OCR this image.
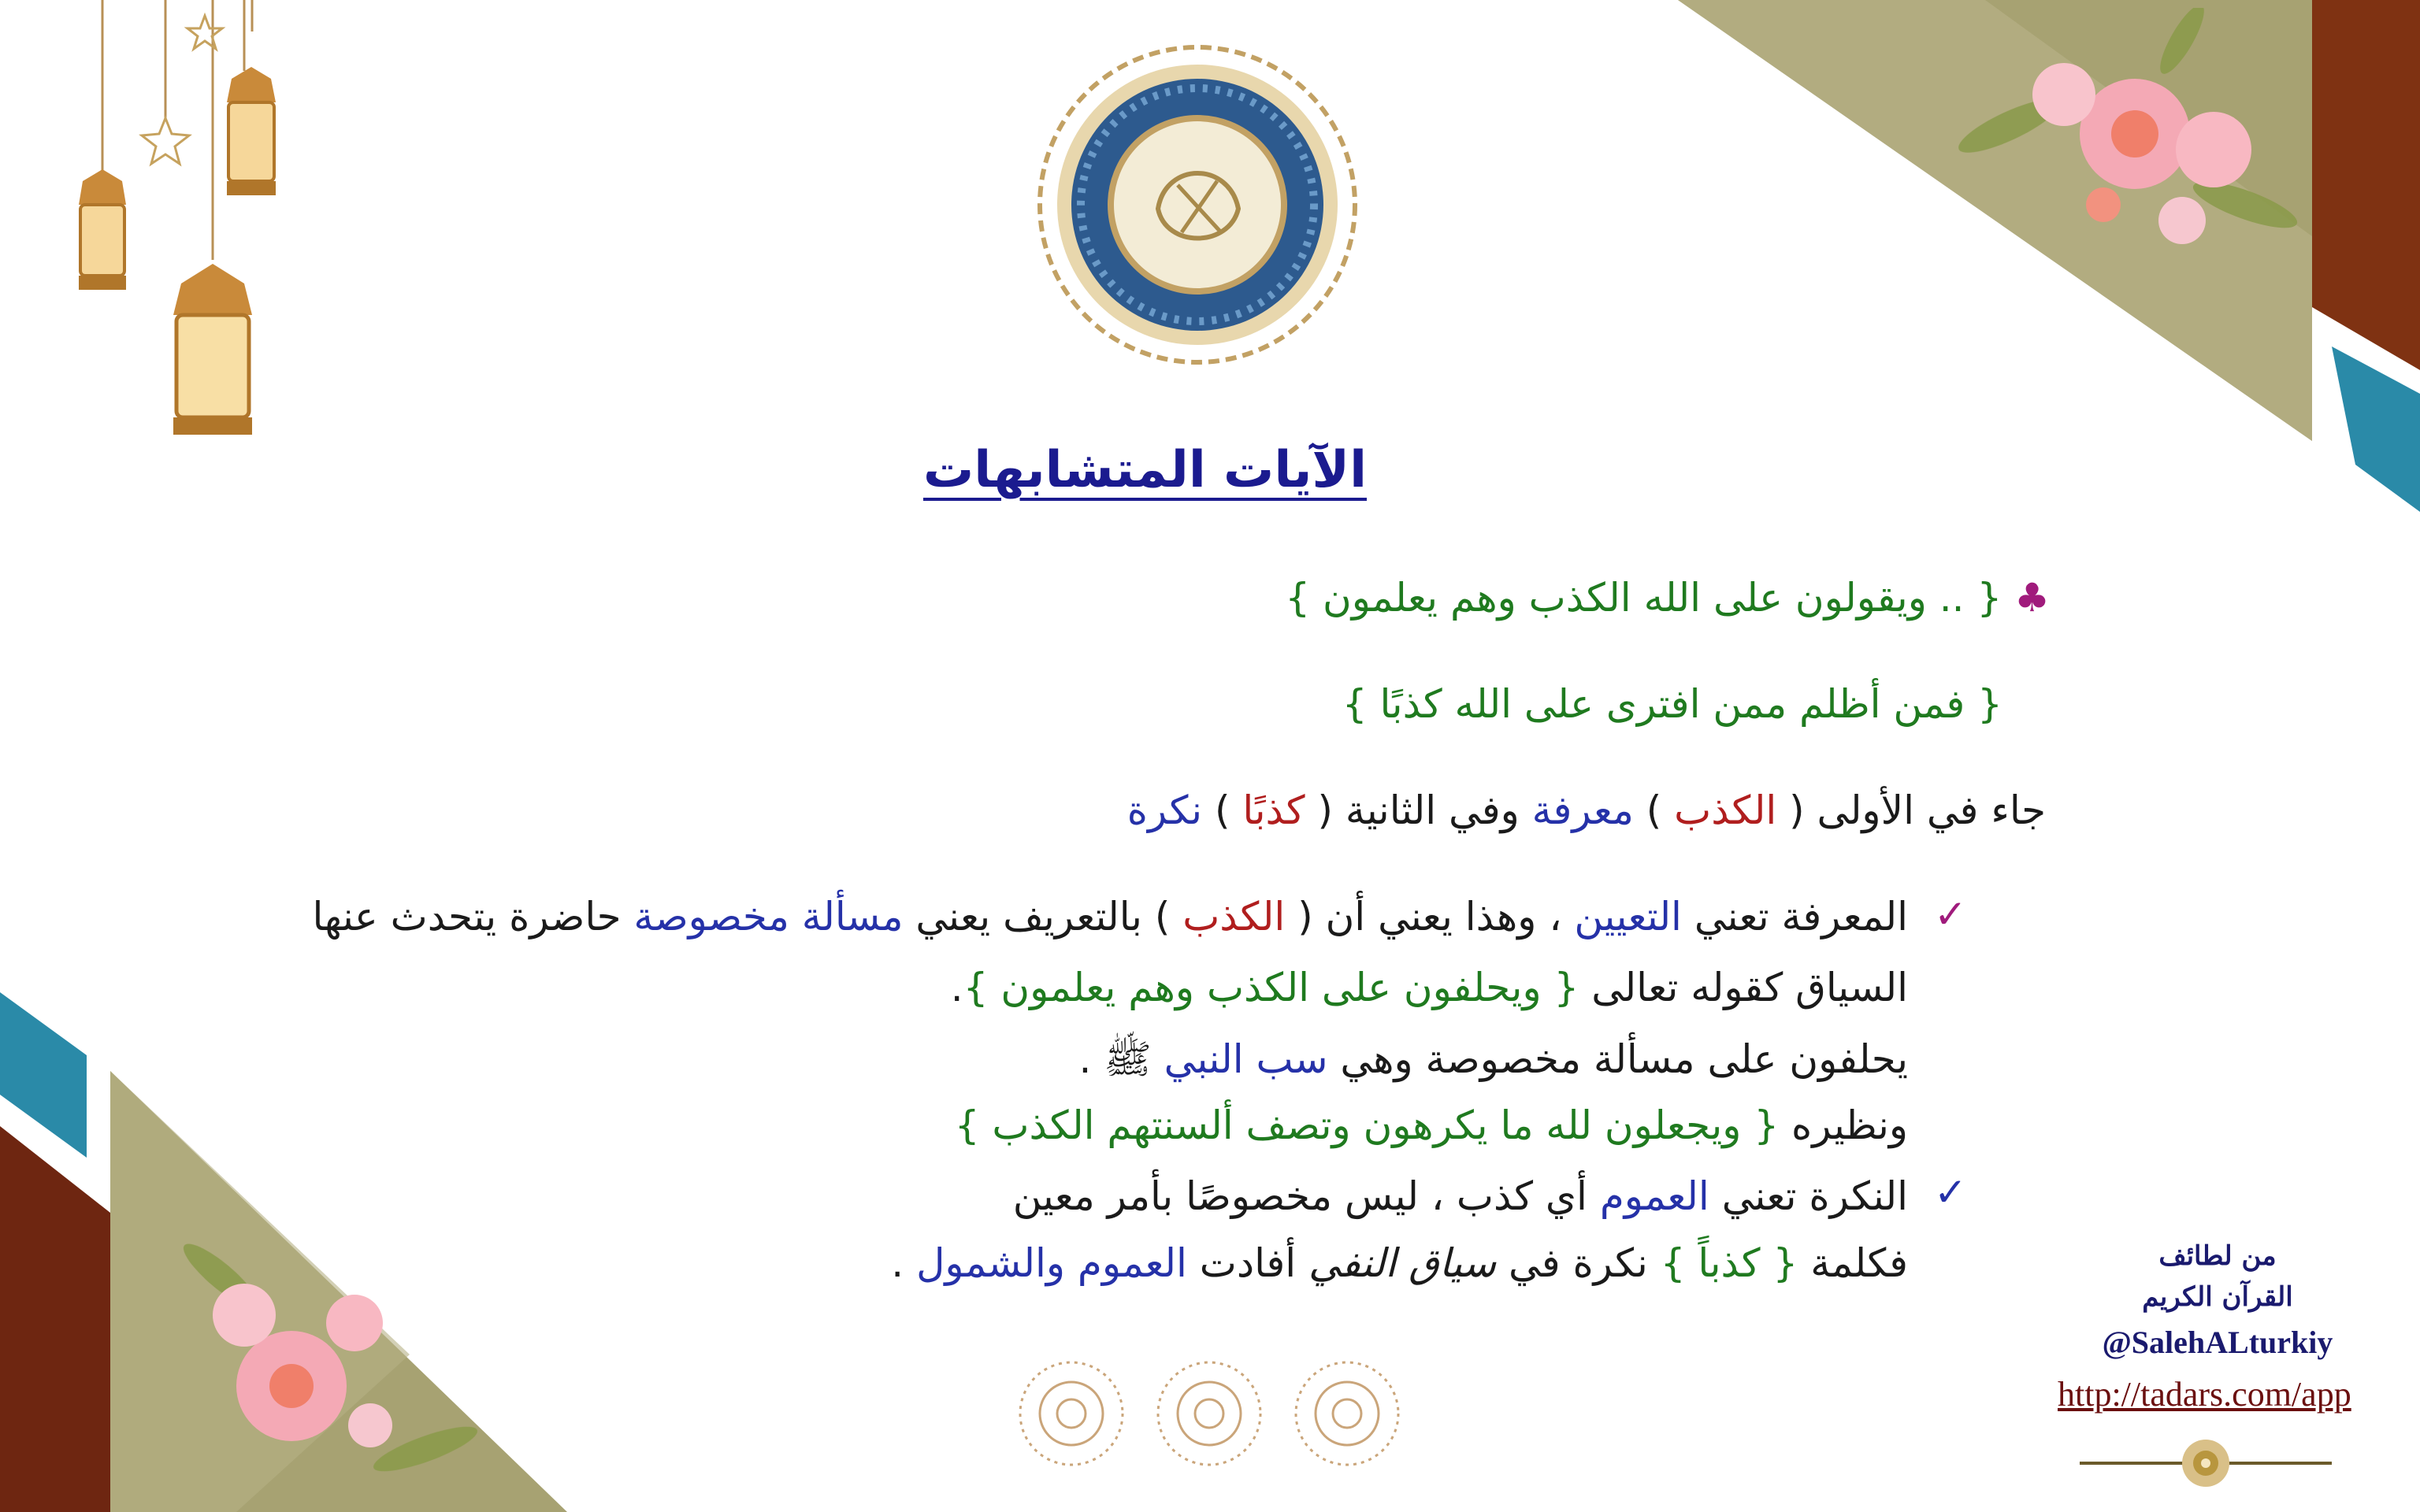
الآيات المتشابهات
♣ { .. ويقولون على الله الكذب وهم يعلمون }
{ فمن أظلم ممن افترى على الله كذبًا }
جاء في الأولى ( الكذب ) معرفة وفي الثانية ( كذبًا ) نكرة
✓
المعرفة تعني التعيين ، وهذا يعني أن ( الكذب ) بالتعريف يعني مسألة مخصوصة حاضرة يتحدث عنها
السياق كقوله تعالى { ويحلفون على الكذب وهم يعلمون }.
يحلفون على مسألة مخصوصة وهي سب النبي ﷺ .
ونظيره { ويجعلون لله ما يكرهون وتصف ألسنتهم الكذب }
✓
النكرة تعني العموم أي كذب ، ليس مخصوصًا بأمر معين
فكلمة { كذباً } نكرة في سياق النفي أفادت العموم والشمول .	من لطائف
القرآن الكريم
@SalehALturkiy
http://tadars.com/app
